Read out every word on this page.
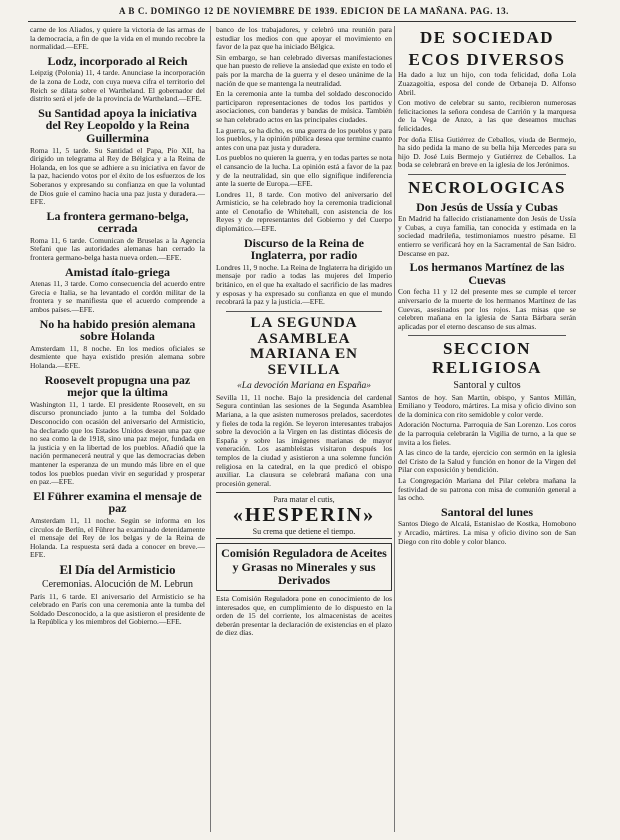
A B C. DOMINGO 12 DE NOVIEMBRE DE 1939. EDICION DE LA MAÑANA. PAG. 13.

carne de los Aliados, y quiere la victoria de las armas de la democracia, a fin de que la vida en el mundo recobre la normalidad.—EFE.

Lodz, incorporado al Reich

Leipzig (Polonia) 11, 4 tarde. Anunciase la incorporación de la zona de Lodz, con cuya nueva cifra el territorio del Reich se dilata sobre el Wartheland. El gobernador del distrito será el jefe de la provincia de Wartheland.—EFE.

Su Santidad apoya la iniciativa del Rey Leopoldo y la Reina Guillermina

Roma 11, 5 tarde. Su Santidad el Papa, Pío XII, ha dirigido un telegrama al Rey de Bélgica y a la Reina de Holanda, en los que se adhiere a su iniciativa en favor de la paz, haciendo votos por el éxito de los esfuerzos de los Soberanos y expresando su confianza en que la voluntad de Dios guíe el camino hacia una paz justa y duradera.—EFE.

La frontera germano-belga, cerrada

Roma 11, 6 tarde. Comunican de Bruselas a la Agencia Stefani que las autoridades alemanas han cerrado la frontera germano-belga hasta nueva orden.—EFE.

Amistad ítalo-griega

Atenas 11, 3 tarde. Como consecuencia del acuerdo entre Grecia e Italia, se ha levantado el cordón militar de la frontera y se manifiesta que el acuerdo comprende a ambos países.—EFE.

No ha habido presión alemana sobre Holanda

Amsterdam 11, 8 noche. En los medios oficiales se desmiente que haya existido presión alemana sobre Holanda.—EFE.

Roosevelt propugna una paz mejor que la última

Washington 11, 1 tarde. El presidente Roosevelt, en su discurso pronunciado junto a la tumba del Soldado Desconocido con ocasión del aniversario del Armisticio, ha declarado que los Estados Unidos desean una paz que no sea como la de 1918, sino una paz mejor, fundada en la justicia y en la libertad de los pueblos. Añadió que la nación permanecerá neutral y que las democracias deben mantener la esperanza de un mundo más libre en el que todos los pueblos puedan vivir en seguridad y prosperar en paz.—EFE.

El Führer examina el mensaje de paz

Amsterdam 11, 11 noche. Según se informa en los círculos de Berlín, el Führer ha examinado detenidamente el mensaje del Rey de los belgas y de la Reina de Holanda. La respuesta será dada a conocer en breve.—EFE.

El Día del Armisticio
Ceremonias. Alocución de M. Lebrun

París 11, 6 tarde. El aniversario del Armisticio se ha celebrado en París con una ceremonia ante la tumba del Soldado Desconocido, a la que asistieron el presidente de la República y los miembros del Gobierno.—EFE.

banco de los trabajadores, y celebró una reunión para estudiar los medios con que apoyar el movimiento en favor de la paz que ha iniciado Bélgica.

Sin embargo, se han celebrado diversas manifestaciones que han puesto de relieve la ansiedad que existe en todo el país por la marcha de la guerra y el deseo unánime de la nación de que se mantenga la neutralidad.

En la ceremonia ante la tumba del soldado desconocido participaron representaciones de todos los partidos y asociaciones, con banderas y bandas de música. También se han celebrado actos en las principales ciudades.

La guerra, se ha dicho, es una guerra de los pueblos y para los pueblos, y la opinión pública desea que termine cuanto antes con una paz justa y duradera.

Los pueblos no quieren la guerra, y en todas partes se nota el cansancio de la lucha. La opinión está a favor de la paz y de la neutralidad, sin que ello signifique indiferencia ante la suerte de Europa.—EFE.

Londres 11, 8 tarde. Con motivo del aniversario del Armisticio, se ha celebrado hoy la ceremonia tradicional ante el Cenotafio de Whitehall, con asistencia de los Reyes y de representantes del Gobierno y del Cuerpo diplomático.—EFE.

Discurso de la Reina de Inglaterra, por radio

Londres 11, 9 noche. La Reina de Inglaterra ha dirigido un mensaje por radio a todas las mujeres del Imperio británico, en el que ha exaltado el sacrificio de las madres y esposas y ha expresado su confianza en que el mundo recobrará la paz y la justicia.—EFE.

LA SEGUNDA ASAMBLEA MARIANA EN SEVILLA
«La devoción Mariana en España»

Sevilla 11, 11 noche. Bajo la presidencia del cardenal Segura continúan las sesiones de la Segunda Asamblea Mariana, a la que asisten numerosos prelados, sacerdotes y fieles de toda la región. Se leyeron interesantes trabajos sobre la devoción a la Virgen en las distintas diócesis de España y sobre las imágenes marianas de mayor veneración. Los asambleístas visitaron después los templos de la ciudad y asistieron a una solemne función religiosa en la catedral, en la que predicó el obispo auxiliar. La clausura se celebrará mañana con una procesión general.

Para matar el cutis,
«HESPERIN»
Su crema que detiene el tiempo.
Comisión Reguladora de Aceites y Grasas no Minerales y sus Derivados

Esta Comisión Reguladora pone en conocimiento de los interesados que, en cumplimiento de lo dispuesto en la orden de 15 del corriente, los almacenistas de aceites deberán presentar la declaración de existencias en el plazo de diez días.

DE SOCIEDAD
ECOS DIVERSOS

Ha dado a luz un hijo, con toda felicidad, doña Lola Zuazagoitia, esposa del conde de Orbaneja D. Alfonso Abril.

Con motivo de celebrar su santo, recibieron numerosas felicitaciones la señora condesa de Carrión y la marquesa de la Vega de Anzo, a las que deseamos muchas felicidades.

Por doña Elisa Gutiérrez de Ceballos, viuda de Bermejo, ha sido pedida la mano de su bella hija Mercedes para su hijo D. José Luis Bermejo y Gutiérrez de Ceballos. La boda se celebrará en breve en la iglesia de los Jerónimos.

NECROLOGICAS
Don Jesús de Ussía y Cubas

En Madrid ha fallecido cristianamente don Jesús de Ussía y Cubas, a cuya familia, tan conocida y estimada en la sociedad madrileña, testimoniamos nuestro pésame. El entierro se verificará hoy en la Sacramental de San Isidro. Descanse en paz.

Los hermanos Martínez de las Cuevas

Con fecha 11 y 12 del presente mes se cumple el tercer aniversario de la muerte de los hermanos Martínez de las Cuevas, asesinados por los rojos. Las misas que se celebren mañana en la iglesia de Santa Bárbara serán aplicadas por el eterno descanso de sus almas.

SECCION RELIGIOSA
Santoral y cultos

Santos de hoy. San Martín, obispo, y Santos Millán, Emiliano y Teodoro, mártires. La misa y oficio divino son de la dominica con rito semidoble y color verde.

Adoración Nocturna. Parroquia de San Lorenzo. Los coros de la parroquia celebrarán la Vigilia de turno, a la que se invita a los fieles.

A las cinco de la tarde, ejercicio con sermón en la iglesia del Cristo de la Salud y función en honor de la Virgen del Pilar con exposición y bendición.

La Congregación Mariana del Pilar celebra mañana la festividad de su patrona con misa de comunión general a las ocho.

Santoral del lunes

Santos Diego de Alcalá, Estanislao de Kostka, Homobono y Arcadio, mártires. La misa y oficio divino son de San Diego con rito doble y color blanco.
